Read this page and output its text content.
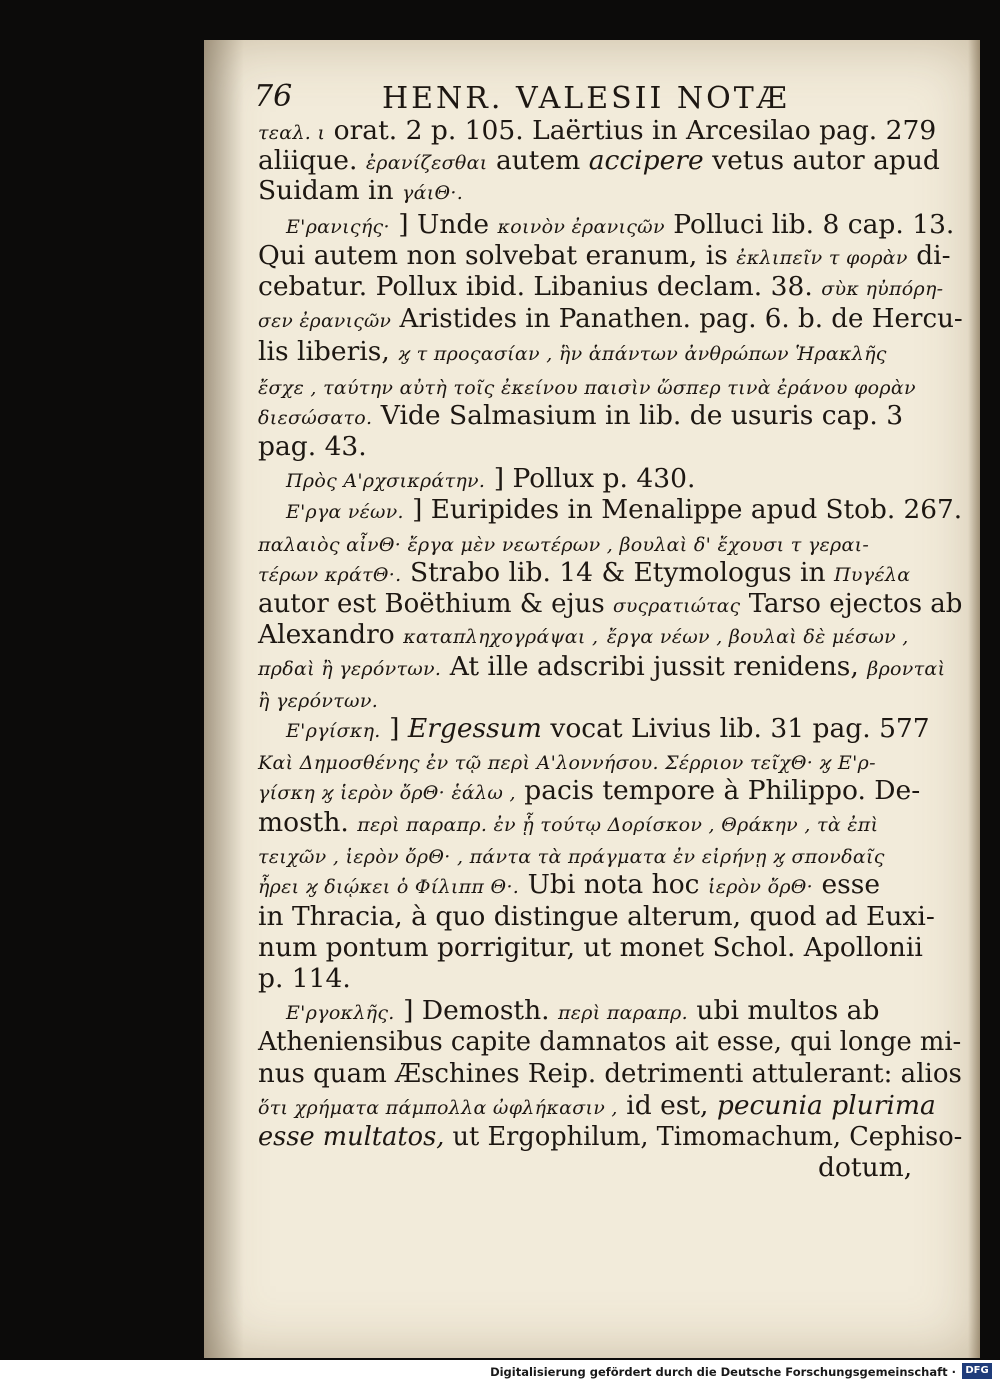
76	HENR. VALESII NOTÆ
τεαλ. ι orat. 2 p. 105. Laërtius in Arcesilao pag. 279
aliique. ἐρανίζεσθαι autem accipere vetus autor apud
Suidam in γάιΘ·.
Ε'ρανιςής· ] Unde κοινὸν ἐρανιςῶν Polluci lib. 8 cap. 13.
Qui autem non solvebat eranum, is ἐκλιπεῖν τ φορὰν di-
cebatur. Pollux ibid. Libanius declam. 38. σὺκ ηὐπόρη-
σεν ἐρανιςῶν Aristides in Panathen. pag. 6. b. de Hercu-
lis liberis, ϗ τ προςασίαν , ἣν ἁπάντων ἀνθρώπων Ἡρακλῆς
ἔσχε , ταύτην αὐτὴ τοῖς ἐκείνου παισὶν ὥσπερ τινὰ ἐράνου φορὰν
διεσώσατο. Vide Salmasium in lib. de usuris cap. 3
pag. 43.
Πρὸς Α'ρχσικράτην. ] Pollux p. 430.
Ε'ργα νέων. ] Euripides in Menalippe apud Stob. 267.
παλαιὸς αἶνΘ· ἔργα μὲν νεωτέρων , βουλαὶ δ' ἔχουσι τ γεραι-
τέρων κράτΘ·. Strabo lib. 14 & Etymologus in Πυγέλα
autor est Boëthium & ejus συςρατιώτας Tarso ejectos ab
Alexandro καταπληχογράψαι , ἔργα νέων , βουλαὶ δὲ μέσων ,
πρδαὶ ἢ γερόντων. At ille adscribi jussit renidens, βρονταὶ
ἢ γερόντων.
Ε'ργίσκη. ] Ergessum vocat Livius lib. 31 pag. 577
Καὶ Δημοσθένης ἐν τῷ περὶ Α'λοννήσου. Σέρριον τεῖχΘ· ϗ Ε'ρ-
γίσκη ϗ ἱερὸν ὄρΘ· ἑάλω , pacis tempore à Philippo. De-
mosth. περὶ παραπρ. ἐν ᾗ τούτῳ Δορίσκον , Θράκην , τὰ ἐπὶ
τειχῶν , ἱερὸν ὄρΘ· , πάντα τὰ πράγματα ἐν εἰρήνῃ ϗ σπονδαῖς
ἦρει ϗ διῴκει ὁ Φίλιππ Θ·. Ubi nota hoc ἱερὸν ὄρΘ· esse
in Thracia, à quo distingue alterum, quod ad Euxi-
num pontum porrigitur, ut monet Schol. Apollonii
p. 114.
Ε'ργοκλῆς. ] Demosth. περὶ παραπρ. ubi multos ab
Atheniensibus capite damnatos ait esse, qui longe mi-
nus quam Æschines Reip. detrimenti attulerant: alios
ὅτι χρήματα πάμπολλα ὠφλήκασιν , id est, pecunia plurima
esse multatos, ut Ergophilum, Timomachum, Cephiso-
dotum,
Digitalisierung gefördert durch die Deutsche Forschungsgemeinschaft · DFG
